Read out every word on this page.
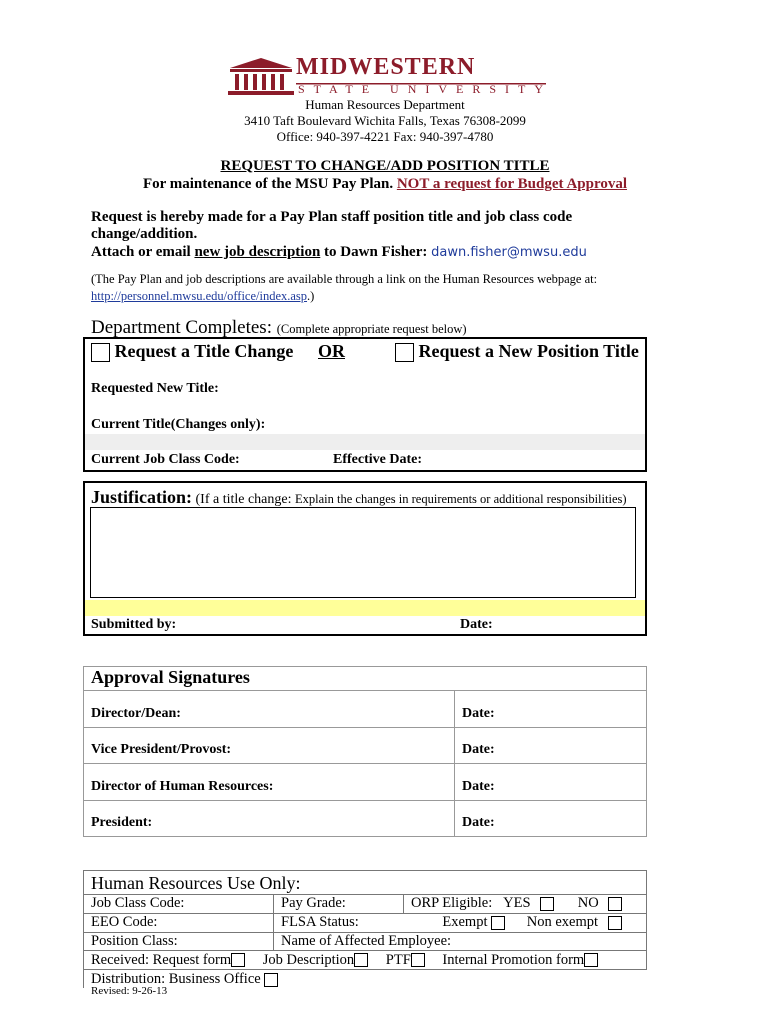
MIDWESTERN
STATE UNIVERSITY
Human Resources Department
3410 Taft Boulevard Wichita Falls, Texas 76308-2099
Office: 940-397-4221 Fax: 940-397-4780
REQUEST TO CHANGE/ADD POSITION TITLE
For maintenance of the MSU Pay Plan. NOT a request for Budget Approval
Request is hereby made for a Pay Plan staff position title and job class code change/addition.
Attach or email new job description to Dawn Fisher: dawn.fisher@mwsu.edu
(The Pay Plan and job descriptions are available through a link on the Human Resources webpage at:
http://personnel.mwsu.edu/office/index.asp.)
Department Completes: (Complete appropriate request below)
Request a Title Change OR	Request a New Position Title
Requested New Title:
Current Title(Changes only):
Current Job Class Code:	Effective Date:
Justification: (If a title change: Explain the changes in requirements or additional responsibilities)
Submitted by:	Date:
Approval Signatures	
Director/Dean:	Date:
Vice President/Provost:	Date:
Director of Human Resources:	Date:
President:	Date:
Human Resources Use Only:		
Job Class Code:	Pay Grade:	ORP Eligible: YES NO
EEO Code:	FLSA Status: Exempt Non exempt	
Position Class:	Name of Affected Employee:	
Received: Request form Job Description PTF Internal Promotion form		
Distribution: Business Office		
Revised: 9-26-13
